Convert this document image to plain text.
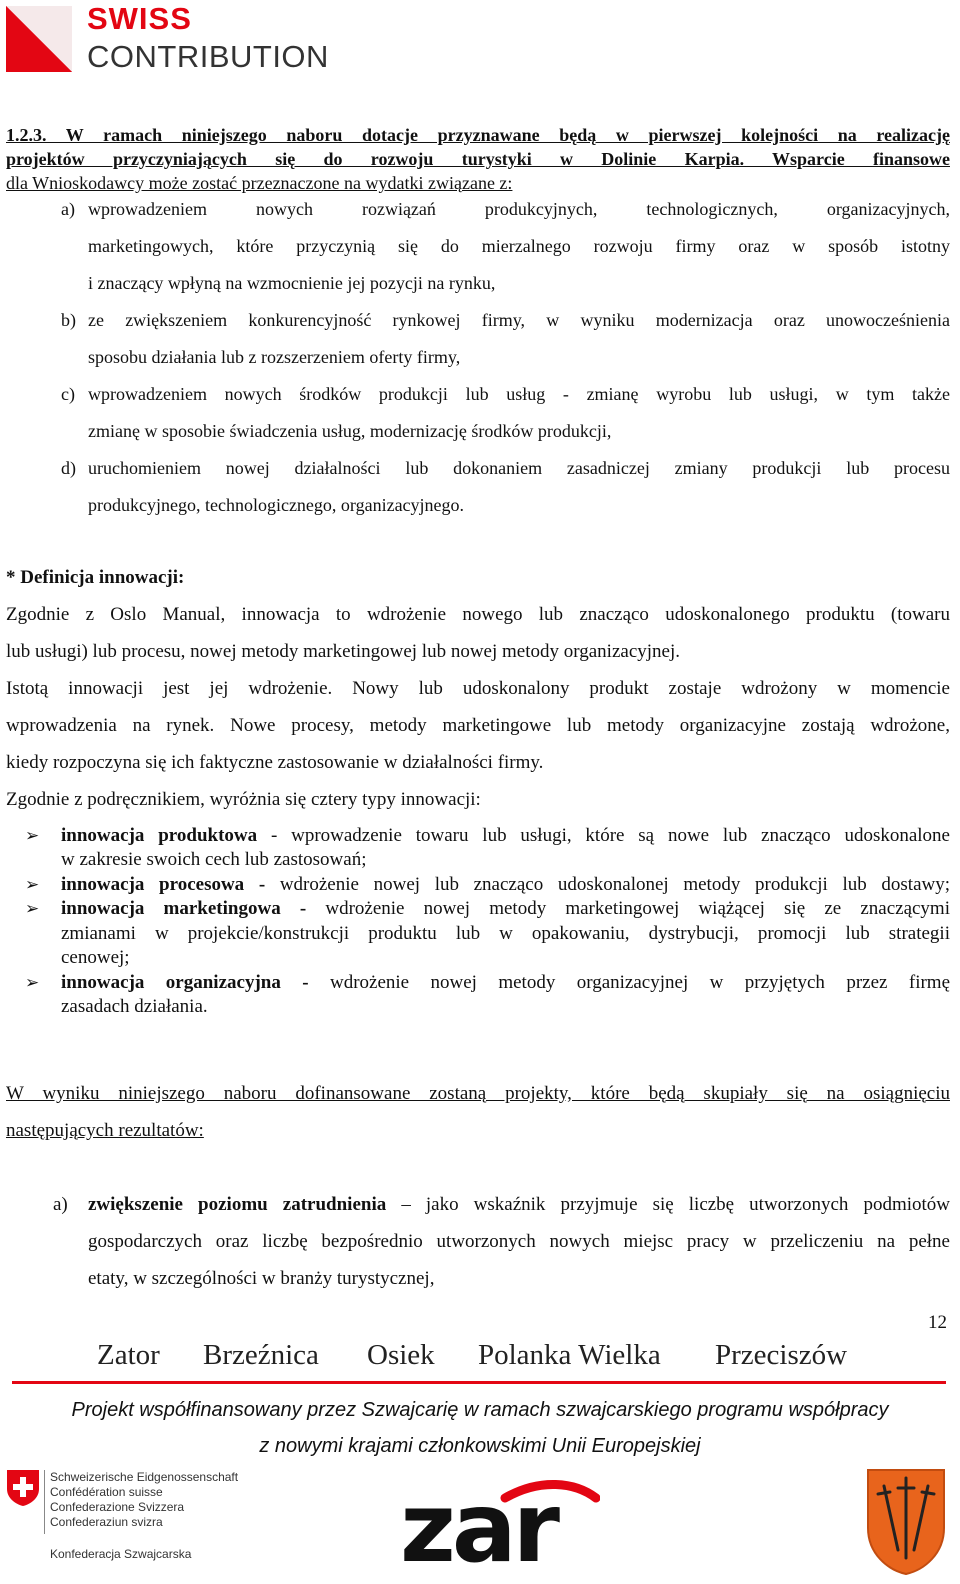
SWISS
CONTRIBUTION
1.2.3. W ramach niniejszego naboru dotacje przyznawane będą w pierwszej kolejności na realizację
projektów przyczyniających się do rozwoju turystyki w Dolinie Karpia. Wsparcie finansowe
dla Wnioskodawcy może zostać przeznaczone na wydatki związane z:
a) wprowadzeniem nowych rozwiązań produkcyjnych, technologicznych, organizacyjnych,
marketingowych, które przyczynią się do mierzalnego rozwoju firmy oraz w sposób istotny
i znaczący wpłyną na wzmocnienie jej pozycji na rynku,
b) ze zwiększeniem konkurencyjność rynkowej firmy, w wyniku modernizacja oraz unowocześnienia
sposobu działania lub z rozszerzeniem oferty firmy,
c) wprowadzeniem nowych środków produkcji lub usług - zmianę wyrobu lub usługi, w tym także
zmianę w sposobie świadczenia usług, modernizację środków produkcji,
d) uruchomieniem nowej działalności lub dokonaniem zasadniczej zmiany produkcji lub procesu
produkcyjnego, technologicznego, organizacyjnego.
* Definicja innowacji:
Zgodnie z Oslo Manual, innowacja to wdrożenie nowego lub znacząco udoskonalonego produktu (towaru
lub usługi) lub procesu, nowej metody marketingowej lub nowej metody organizacyjnej.
Istotą innowacji jest jej wdrożenie. Nowy lub udoskonalony produkt zostaje wdrożony w momencie
wprowadzenia na rynek. Nowe procesy, metody marketingowe lub metody organizacyjne zostają wdrożone,
kiedy rozpoczyna się ich faktyczne zastosowanie w działalności firmy.
Zgodnie z podręcznikiem, wyróżnia się cztery typy innowacji:
➢ innowacja produktowa - wprowadzenie towaru lub usługi, które są nowe lub znacząco udoskonalone
w zakresie swoich cech lub zastosowań;
➢ innowacja procesowa - wdrożenie nowej lub znacząco udoskonalonej metody produkcji lub dostawy;
➢ innowacja marketingowa - wdrożenie nowej metody marketingowej wiążącej się ze znaczącymi
zmianami w projekcie/konstrukcji produktu lub w opakowaniu, dystrybucji, promocji lub strategii
cenowej;
➢ innowacja organizacyjna - wdrożenie nowej metody organizacyjnej w przyjętych przez firmę
zasadach działania.
W wyniku niniejszego naboru dofinansowane zostaną projekty, które będą skupiały się na osiągnięciu
następujących rezultatów:
a) zwiększenie poziomu zatrudnienia – jako wskaźnik przyjmuje się liczbę utworzonych podmiotów
gospodarczych oraz liczbę bezpośrednio utworzonych nowych miejsc pracy w przeliczeniu na pełne
etaty, w szczególności w branży turystycznej,
12
Zator Brzeźnica Osiek Polanka Wielka Przeciszów
Projekt współfinansowany przez Szwajcarię w ramach szwajcarskiego programu współpracy
z nowymi krajami członkowskimi Unii Europejskiej
Schweizerische Eidgenossenschaft
Confédération suisse
Confederazione Svizzera
Confederaziun svizra
Konfederacja Szwajcarska zar
